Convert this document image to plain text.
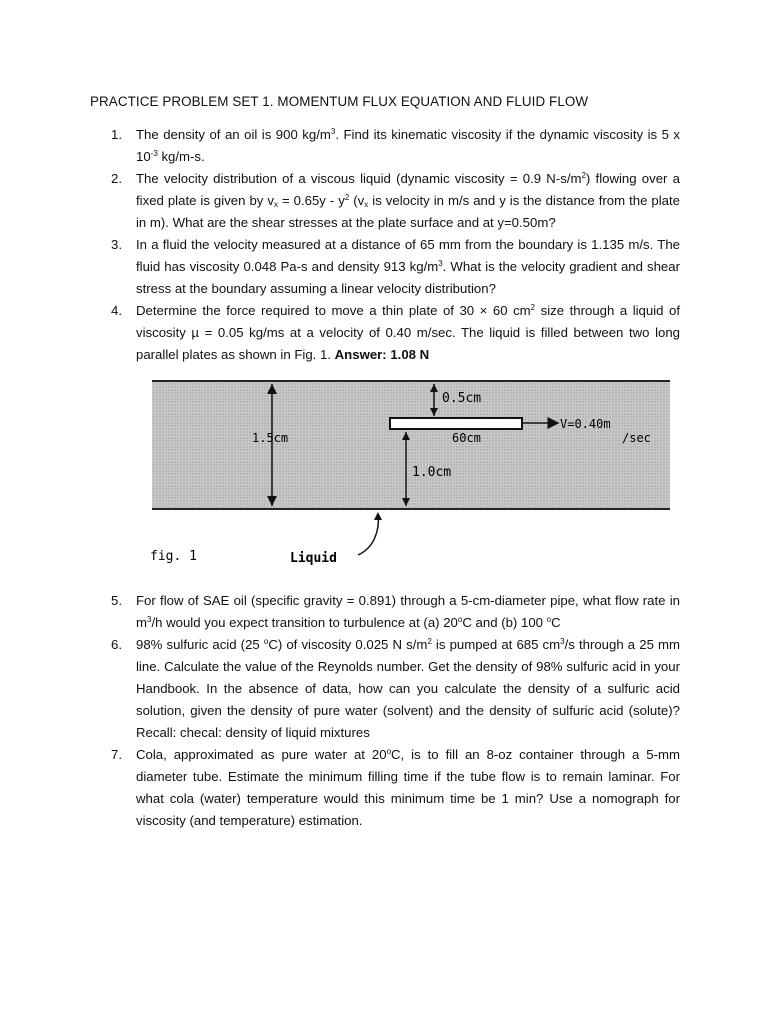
PRACTICE PROBLEM SET 1. MOMENTUM FLUX EQUATION AND FLUID FLOW
1. The density of an oil is 900 $kg/m^3$. Find its kinematic viscosity if the dynamic viscosity is 5 x $10^{-3}$ kg/m-s.
2. The velocity distribution of a viscous liquid (dynamic viscosity = 0.9 $N-s/m^2$) flowing over a fixed plate is given by $v_x = 0.65y - y^2$ ($v_x$ is velocity in m/s and y is the distance from the plate in m). What are the shear stresses at the plate surface and at y=0.50m?
3. In a fluid the velocity measured at a distance of 65 mm from the boundary is 1.135 m/s. The fluid has viscosity 0.048 Pa-s and density 913 $kg/m^3$. What is the velocity gradient and shear stress at the boundary assuming a linear velocity distribution?
4. Determine the force required to move a thin plate of 30 × 60 $cm^2$ size through a liquid of viscosity µ = 0.05 kg/ms at a velocity of 0.40 m/sec. The liquid is filled between two long parallel plates as shown in Fig. 1. Answer: 1.08 N
1.5cm
0.5cm
1.0cm
60cm
V=0.40m
/sec
fig. 1	Liquid
5. For flow of SAE oil (specific gravity = 0.891) through a 5-cm-diameter pipe, what flow rate in $m^3/h$ would you expect transition to turbulence at (a) 20$^o$C and (b) 100 $^o$C
6. 98% sulfuric acid (25 $^o$C) of viscosity 0.025 N $s/m^2$ is pumped at 685 $cm^3/s$ through a 25 mm line. Calculate the value of the Reynolds number. Get the density of 98% sulfuric acid in your Handbook. In the absence of data, how can you calculate the density of a sulfuric acid solution, given the density of pure water (solvent) and the density of sulfuric acid (solute)? Recall: checal: density of liquid mixtures
7. Cola, approximated as pure water at 20$^o$C, is to fill an 8-oz container through a 5-mm diameter tube. Estimate the minimum filling time if the tube flow is to remain laminar. For what cola (water) temperature would this minimum time be 1 min? Use a nomograph for viscosity (and temperature) estimation.
